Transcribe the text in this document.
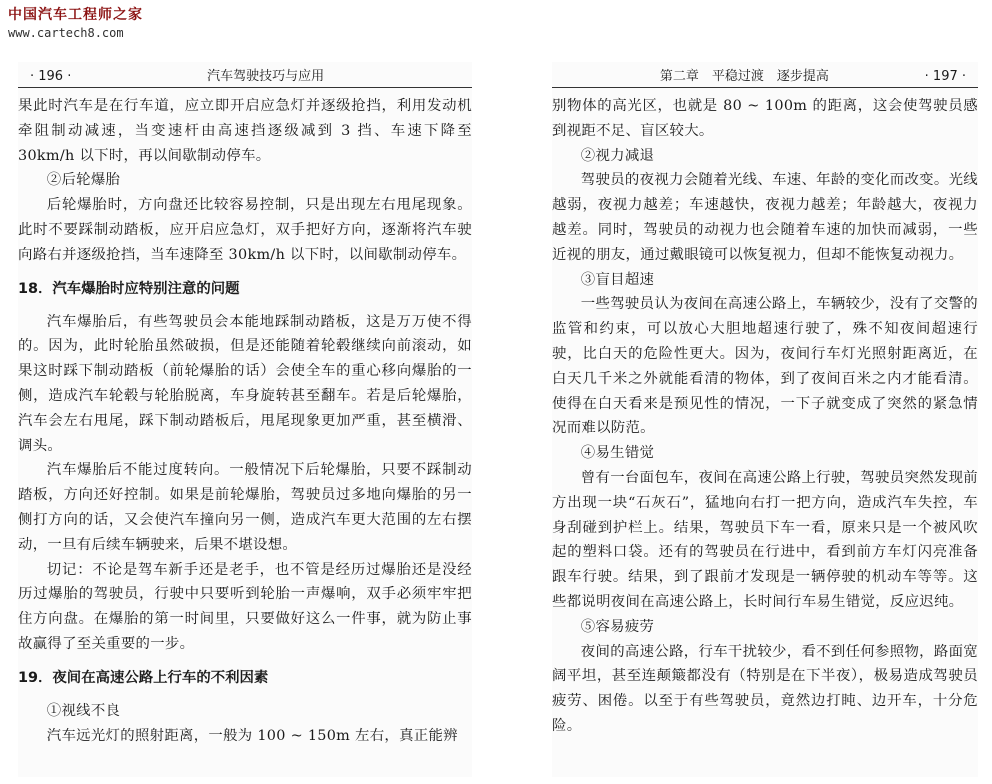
中国汽车工程师之家
www.cartech8.com
· 196 ·	汽车驾驶技巧与应用

果此时汽车是在行车道，应立即开启应急灯并逐级抢挡，利用发动机牵阻制动减速，当变速杆由高速挡逐级减到 3 挡、车速下降至 30km/h 以下时，再以间歇制动停车。

②后轮爆胎

后轮爆胎时，方向盘还比较容易控制，只是出现左右甩尾现象。此时不要踩制动踏板，应开启应急灯，双手把好方向，逐渐将汽车驶向路右并逐级抢挡，当车速降至 30km/h 以下时，以间歇制动停车。

18．汽车爆胎时应特别注意的问题

汽车爆胎后，有些驾驶员会本能地踩制动踏板，这是万万使不得的。因为，此时轮胎虽然破损，但是还能随着轮毂继续向前滚动，如果这时踩下制动踏板（前轮爆胎的话）会使全车的重心移向爆胎的一侧，造成汽车轮毂与轮胎脱离，车身旋转甚至翻车。若是后轮爆胎，汽车会左右甩尾，踩下制动踏板后，甩尾现象更加严重，甚至横滑、调头。

汽车爆胎后不能过度转向。一般情况下后轮爆胎，只要不踩制动踏板，方向还好控制。如果是前轮爆胎，驾驶员过多地向爆胎的另一侧打方向的话，又会使汽车撞向另一侧，造成汽车更大范围的左右摆动，一旦有后续车辆驶来，后果不堪设想。

切记：不论是驾车新手还是老手，也不管是经历过爆胎还是没经历过爆胎的驾驶员，行驶中只要听到轮胎一声爆响，双手必须牢牢把住方向盘。在爆胎的第一时间里，只要做好这么一件事，就为防止事故赢得了至关重要的一步。

19．夜间在高速公路上行车的不利因素

①视线不良

汽车远光灯的照射距离，一般为 100 ~ 150m 左右，真正能辨

第二章　平稳过渡　逐步提高	· 197 ·

别物体的高光区，也就是 80 ~ 100m 的距离，这会使驾驶员感到视距不足、盲区较大。

②视力减退

驾驶员的夜视力会随着光线、车速、年龄的变化而改变。光线越弱，夜视力越差；车速越快，夜视力越差；年龄越大，夜视力越差。同时，驾驶员的动视力也会随着车速的加快而减弱，一些近视的朋友，通过戴眼镜可以恢复视力，但却不能恢复动视力。

③盲目超速

一些驾驶员认为夜间在高速公路上，车辆较少，没有了交警的监管和约束，可以放心大胆地超速行驶了，殊不知夜间超速行驶，比白天的危险性更大。因为，夜间行车灯光照射距离近，在白天几千米之外就能看清的物体，到了夜间百米之内才能看清。使得在白天看来是预见性的情况，一下子就变成了突然的紧急情况而难以防范。

④易生错觉

曾有一台面包车，夜间在高速公路上行驶，驾驶员突然发现前方出现一块“石灰石”，猛地向右打一把方向，造成汽车失控，车身刮碰到护栏上。结果，驾驶员下车一看，原来只是一个被风吹起的塑料口袋。还有的驾驶员在行进中，看到前方车灯闪亮准备跟车行驶。结果，到了跟前才发现是一辆停驶的机动车等等。这些都说明夜间在高速公路上，长时间行车易生错觉，反应迟纯。

⑤容易疲劳

夜间的高速公路，行车干扰较少，看不到任何参照物，路面宽阔平坦，甚至连颠簸都没有（特别是在下半夜），极易造成驾驶员疲劳、困倦。以至于有些驾驶员，竟然边打盹、边开车，十分危险。
